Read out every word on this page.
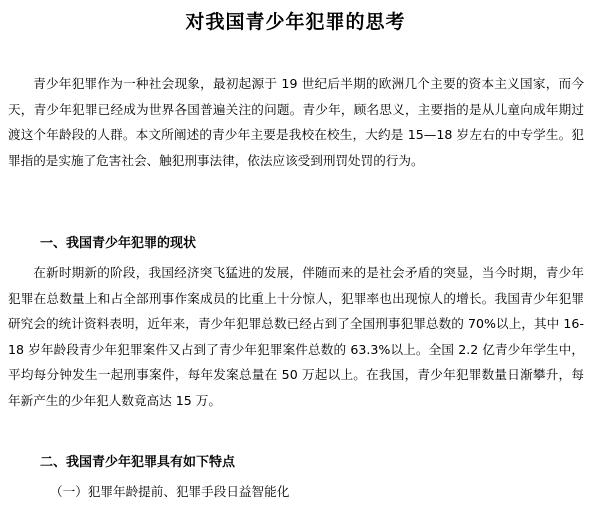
对我国青少年犯罪的思考

青少年犯罪作为一种社会现象，最初起源于 19 世纪后半期的欧洲几个主要的资本主义国家，而今天，青少年犯罪已经成为世界各国普遍关注的问题。青少年，顾名思义，主要指的是从儿童向成年期过渡这个年龄段的人群。本文所阐述的青少年主要是我校在校生，大约是 15—18 岁左右的中专学生。犯罪指的是实施了危害社会、触犯刑事法律，依法应该受到刑罚处罚的行为。

一、我国青少年犯罪的现状

在新时期新的阶段，我国经济突飞猛进的发展，伴随而来的是社会矛盾的突显，当今时期，青少年犯罪在总数量上和占全部刑事作案成员的比重上十分惊人，犯罪率也出现惊人的增长。我国青少年犯罪研究会的统计资料表明，近年来，青少年犯罪总数已经占到了全国刑事犯罪总数的 70%以上，其中 16-18 岁年龄段青少年犯罪案件又占到了青少年犯罪案件总数的 63.3%以上。全国 2.2 亿青少年学生中，平均每分钟发生一起刑事案件，每年发案总量在 50 万起以上。在我国，青少年犯罪数量日渐攀升，每年新产生的少年犯人数竟高达 15 万。

二、我国青少年犯罪具有如下特点
（一）犯罪年龄提前、犯罪手段日益智能化
